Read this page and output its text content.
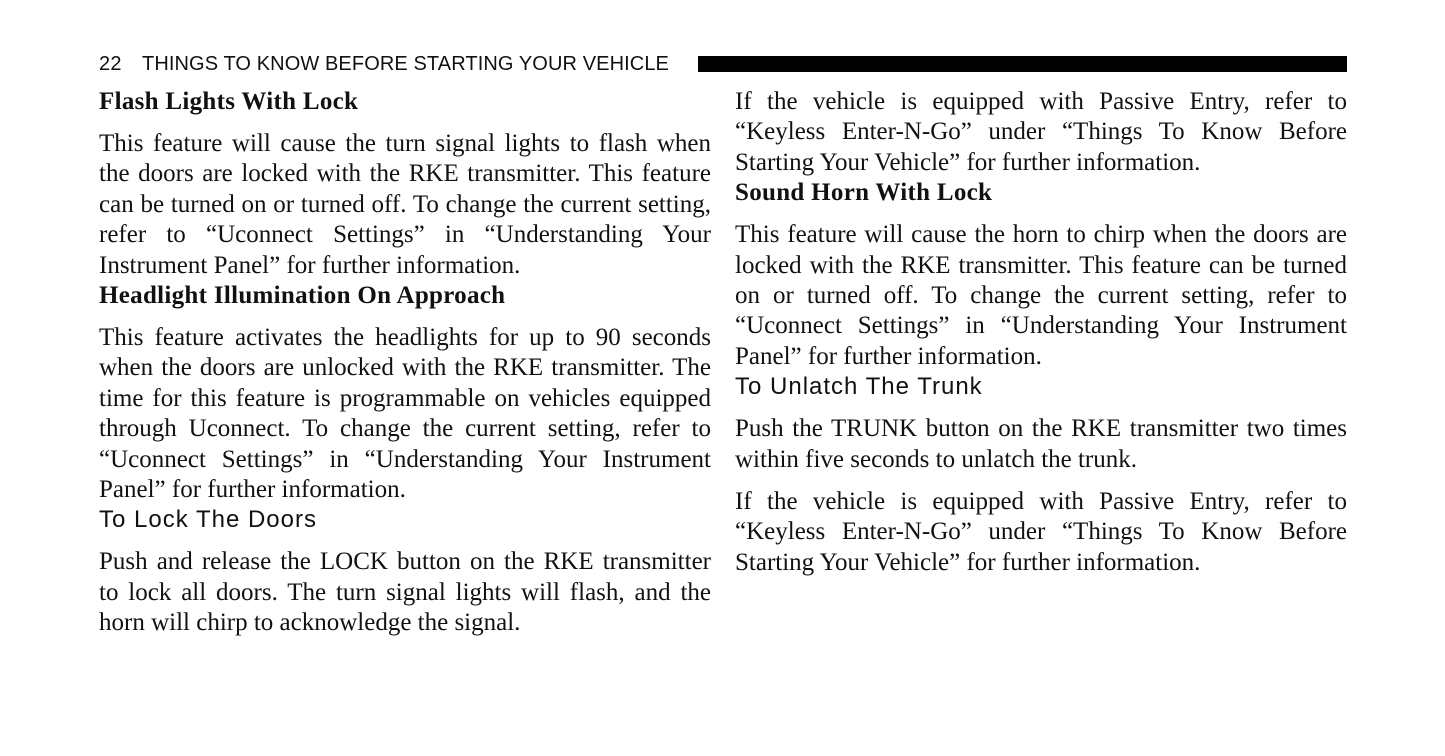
22 THINGS TO KNOW BEFORE STARTING YOUR VEHICLE
Flash Lights With Lock

This feature will cause the turn signal lights to flash when the doors are locked with the RKE transmitter. This feature can be turned on or turned off. To change the current setting, refer to “Uconnect Settings” in “Understanding Your Instrument Panel” for further information.

Headlight Illumination On Approach

This feature activates the headlights for up to 90 seconds when the doors are unlocked with the RKE transmitter. The time for this feature is programmable on vehicles equipped through Uconnect. To change the current setting, refer to “Uconnect Settings” in “Understanding Your Instrument Panel” for further information.

To Lock The Doors

Push and release the LOCK button on the RKE transmitter to lock all doors. The turn signal lights will flash, and the horn will chirp to acknowledge the signal.

If the vehicle is equipped with Passive Entry, refer to “Keyless Enter-N-Go” under “Things To Know Before Starting Your Vehicle” for further information.

Sound Horn With Lock

This feature will cause the horn to chirp when the doors are locked with the RKE transmitter. This feature can be turned on or turned off. To change the current setting, refer to “Uconnect Settings” in “Understanding Your Instrument Panel” for further information.

To Unlatch The Trunk

Push the TRUNK button on the RKE transmitter two times within five seconds to unlatch the trunk.

If the vehicle is equipped with Passive Entry, refer to “Keyless Enter-N-Go” under “Things To Know Before Starting Your Vehicle” for further information.
